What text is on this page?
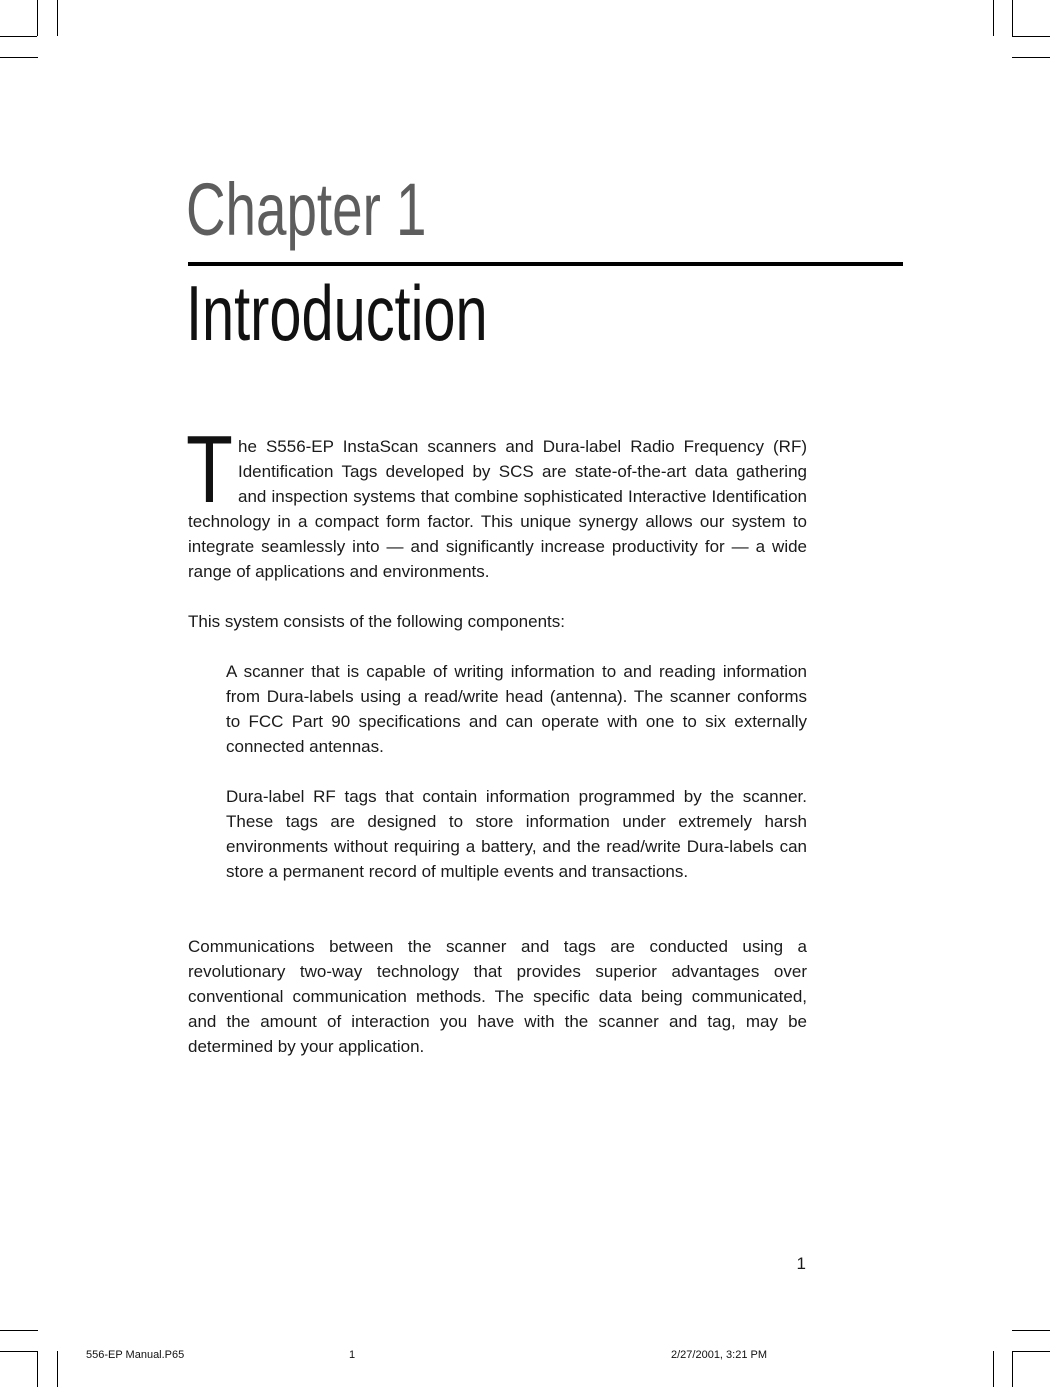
Chapter 1
Introduction
The S556-EP InstaScan scanners and Dura-label Radio Frequency (RF) Identification Tags developed by SCS are state-of-the-art data gathering and inspection systems that combine sophisticated Interactive Identification technology in a compact form factor. This unique synergy allows our system to integrate seamlessly into — and significantly increase productivity for — a wide range of applications and environments.
This system consists of the following components:
A scanner that is capable of writing information to and reading information from Dura-labels using a read/write head (antenna). The scanner conforms to FCC Part 90 specifications and can operate with one to six externally connected antennas.
Dura-label RF tags that contain information programmed by the scanner. These tags are designed to store information under extremely harsh environments without requiring a battery, and the read/write Dura-labels can store a permanent record of multiple events and transactions.
Communications between the scanner and tags are conducted using a revolutionary two-way technology that provides superior advantages over conventional communication methods. The specific data being communicated, and the amount of interaction you have with the scanner and tag, may be determined by your application.
1
556-EP Manual.P65	1	2/27/2001, 3:21 PM
